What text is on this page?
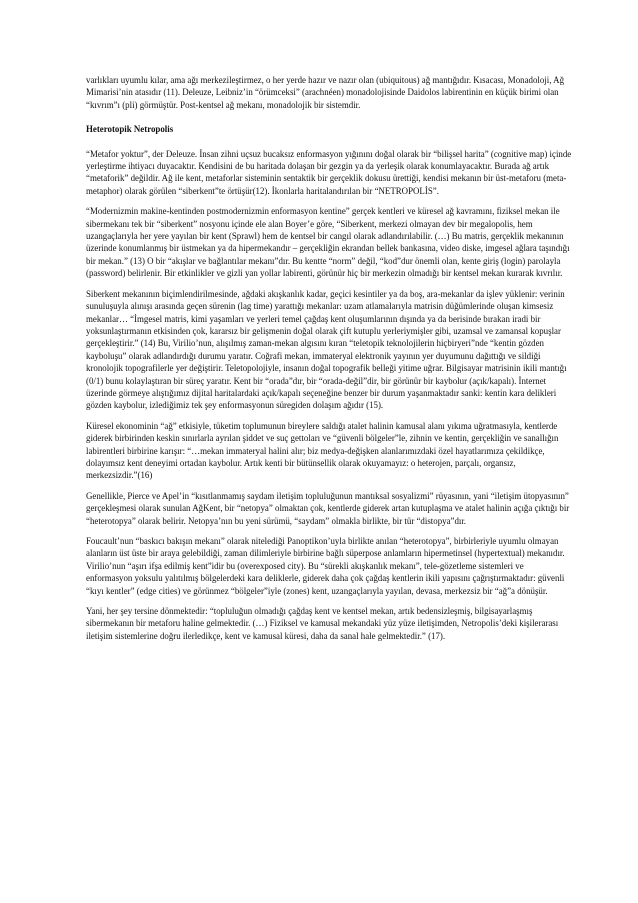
varlıkları uyumlu kılar, ama ağı merkezileştirmez, o her yerde hazır ve nazır olan (ubiquitous) ağ mantığıdır. Kısacası, Monadoloji, Ağ Mimarisi’nin atasıdır (11). Deleuze, Leibniz’in “örümceksi” (arachnéen) monadolojisinde Daidolos labirentinin en küçük birimi olan “kıvrım”ı (pli) görmüştür. Post-kentsel ağ mekanı, monadolojik bir sistemdir.

Heterotopik Netropolis

“Metafor yoktur”, der Deleuze. İnsan zihni uçsuz bucaksız enformasyon yığınını doğal olarak bir “bilişsel harita” (cognitive map) içinde yerleştirme ihtiyacı duyacaktır. Kendisini de bu haritada dolaşan bir gezgin ya da yerleşik olarak konumlayacaktır. Burada ağ artık “metaforik” değildir. Ağ ile kent, metaforlar sisteminin sentaktik bir gerçeklik dokusu ürettiği, kendisi mekanın bir üst-metaforu (meta-metaphor) olarak görülen “siberkent”te örtüşür(12). İkonlarla haritalandırılan bir “NETROPOLİS”.

“Modernizmin makine-kentinden postmodernizmin enformasyon kentine” gerçek kentleri ve küresel ağ kavramını, fiziksel mekan ile sibermekanı tek bir “siberkent” nosyonu içinde ele alan Boyer’e göre, “Siberkent, merkezi olmayan dev bir megalopolis, hem uzangaçlarıyla her yere yayılan bir kent (Sprawl) hem de kentsel bir cangıl olarak adlandırılabilir. (…) Bu matris, gerçeklik mekanının üzerinde konumlanmış bir üstmekan ya da hipermekandır – gerçekliğin ekrandan bellek bankasına, video diske, imgesel ağlara taşındığı bir mekan.” (13) O bir “akışlar ve bağlantılar mekanı”dır. Bu kentte “norm” değil, “kod”dur önemli olan, kente giriş (login) parolayla (password) belirlenir. Bir etkinlikler ve gizli yan yollar labirenti, görünür hiç bir merkezin olmadığı bir kentsel mekan kurarak kıvrılır.

Siberkent mekanının biçimlendirilmesinde, ağdaki akışkanlık kadar, geçici kesintiler ya da boş, ara-mekanlar da işlev yüklenir: verinin sunuluşuyla alınışı arasında geçen sürenin (lag time) yarattığı mekanlar: uzam atlamalarıyla matrisin düğümlerinde oluşan kimsesiz mekanlar… “İmgesel matris, kimi yaşamları ve yerleri temel çağdaş kent oluşumlarının dışında ya da berisinde bırakan iradi bir yoksunlaştırmanın etkisinden çok, kararsız bir gelişmenin doğal olarak çift kutuplu yerleriymişler gibi, uzamsal ve zamansal kopuşlar gerçekleştirir.” (14) Bu, Virilio’nun, alışılmış zaman-mekan algısını kıran “teletopik teknolojilerin hiçbiryeri”nde “kentin gözden kayboluşu” olarak adlandırdığı durumu yaratır. Coğrafi mekan, immateryal elektronik yayının yer duyumunu dağıttığı ve sildiği kronolojik topografilerle yer değiştirir. Teletopolojiyle, insanın doğal topografik belleği yitime uğrar. Bilgisayar matrisinin ikili mantığı (0/1) bunu kolaylaştıran bir süreç yaratır. Kent bir “orada”dır, bir “orada-değil”dir, bir görünür bir kaybolur (açık/kapalı). İnternet üzerinde görmeye alıştığımız dijital haritalardaki açık/kapalı seçeneğine benzer bir durum yaşanmaktadır sanki: kentin kara delikleri gözden kaybolur, izlediğimiz tek şey enformasyonun süregiden dolaşım ağıdır (15).

Küresel ekonominin “ağ” etkisiyle, tüketim toplumunun bireylere saldığı atalet halinin kamusal alanı yıkıma uğratmasıyla, kentlerde giderek birbirinden keskin sınırlarla ayrılan şiddet ve suç gettoları ve “güvenli bölgeler”le, zihnin ve kentin, gerçekliğin ve sanallığın labirentleri birbirine karışır: “…mekan immateryal halini alır; biz medya-değişken alanlarımızdaki özel hayatlarımıza çekildikçe, dolayımsız kent deneyimi ortadan kaybolur. Artık kenti bir bütünsellik olarak okuyamayız: o heterojen, parçalı, organsız, merkezsizdir.”(16)

Genellikle, Pierce ve Apel’in “kısıtlanmamış saydam iletişim topluluğunun mantıksal sosyalizmi” rüyasının, yani “iletişim ütopyasının” gerçekleşmesi olarak sunulan AğKent, bir “netopya” olmaktan çok, kentlerde giderek artan kutuplaşma ve atalet halinin açığa çıktığı bir “heterotopya” olarak belirir. Netopya’nın bu yeni sürümü, “saydam” olmakla birlikte, bir tür “distopya”dır.

Foucault’nun “baskıcı bakışın mekanı” olarak nitelediği Panoptikon’uyla birlikte anılan “heterotopya”, birbirleriyle uyumlu olmayan alanların üst üste bir araya gelebildiği, zaman dilimleriyle birbirine bağlı süperpose anlamların hipermetinsel (hypertextual) mekanıdır. Virilio’nun “aşırı ifşa edilmiş kent”idir bu (overexposed city). Bu “sürekli akışkanlık mekanı”, tele-gözetleme sistemleri ve enformasyon yoksulu yalıtılmış bölgelerdeki kara deliklerle, giderek daha çok çağdaş kentlerin ikili yapısını çağrıştırmaktadır: güvenli “kıyı kentler” (edge cities) ve görünmez “bölgeler”iyle (zones) kent, uzangaçlarıyla yayılan, devasa, merkezsiz bir “ağ”a dönüşür.

Yani, her şey tersine dönmektedir: “topluluğun olmadığı çağdaş kent ve kentsel mekan, artık bedensizleşmiş, bilgisayarlaşmış sibermekanın bir metaforu haline gelmektedir. (…) Fiziksel ve kamusal mekandaki yüz yüze iletişimden, Netropolis’deki kişilerarası iletişim sistemlerine doğru ilerledikçe, kent ve kamusal küresi, daha da sanal hale gelmektedir.” (17).
